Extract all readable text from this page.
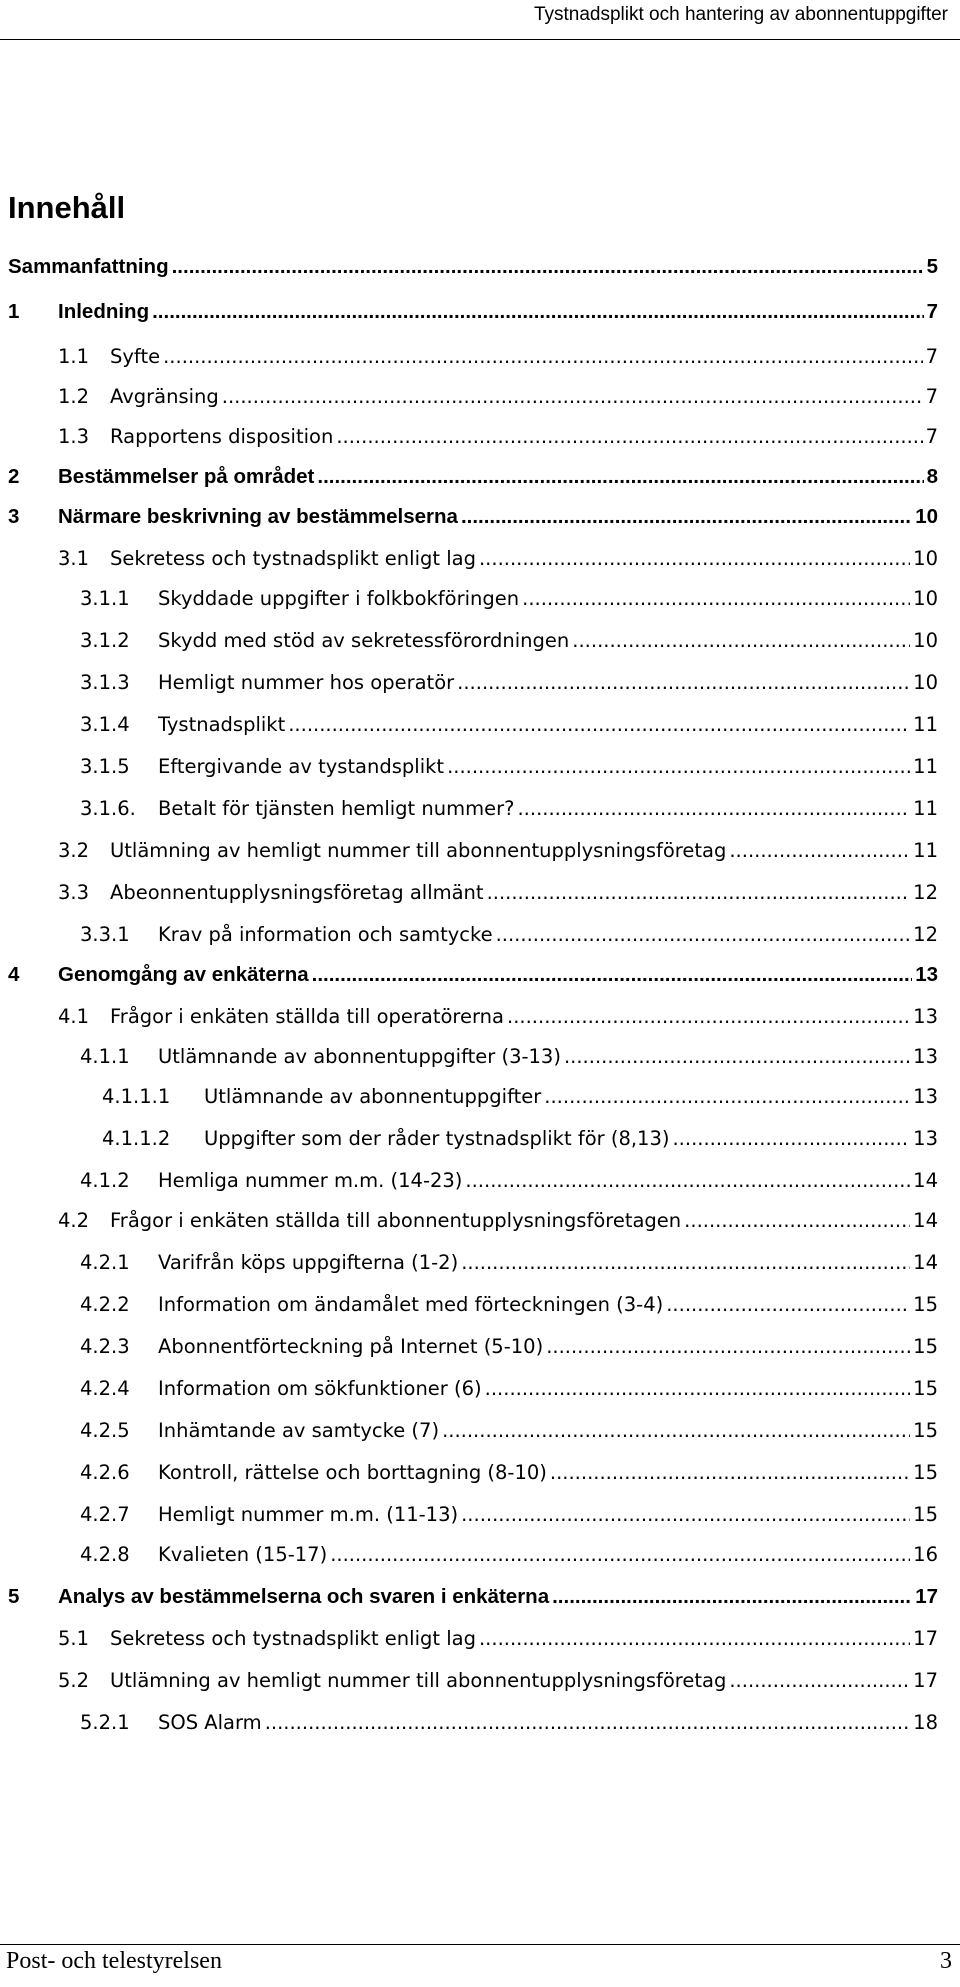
Tystnadsplikt och hantering av abonnentuppgifter
Innehåll
Sammanfattning .....	5
1	Inledning .....	7
1.1	Syfte .....	7
1.2	Avgränsing .....	7
1.3	Rapportens disposition .....	7
2	Bestämmelser på området .....	8
3	Närmare beskrivning av bestämmelserna .....	10
3.1	Sekretess och tystnadsplikt enligt lag .....	10
3.1.1	Skyddade uppgifter i folkbokföringen .....	10
3.1.2	Skydd med stöd av sekretessförordningen .....	10
3.1.3	Hemligt nummer hos operatör .....	10
3.1.4	Tystnadsplikt .....	11
3.1.5	Eftergivande av tystandsplikt .....	11
3.1.6.	Betalt för tjänsten hemligt nummer? .....	11
3.2	Utlämning av hemligt nummer till abonnentupplysningsföretag .....	11
3.3	Abeonnentupplysningsföretag allmänt .....	12
3.3.1	Krav på information och samtycke .....	12
4	Genomgång av enkäterna .....	13
4.1	Frågor i enkäten ställda till operatörerna .....	13
4.1.1	Utlämnande av abonnentuppgifter (3-13) .....	13
4.1.1.1	Utlämnande av abonnentuppgifter .....	13
4.1.1.2	Uppgifter som der råder tystnadsplikt för (8,13) .....	13
4.1.2	Hemliga nummer m.m. (14-23) .....	14
4.2	Frågor i enkäten ställda till abonnentupplysningsföretagen .....	14
4.2.1	Varifrån köps uppgifterna (1-2) .....	14
4.2.2	Information om ändamålet med förteckningen (3-4) .....	15
4.2.3	Abonnentförteckning på Internet (5-10) .....	15
4.2.4	Information om sökfunktioner (6) .....	15
4.2.5	Inhämtande av samtycke (7) .....	15
4.2.6	Kontroll, rättelse och borttagning (8-10) .....	15
4.2.7	Hemligt nummer m.m. (11-13) .....	15
4.2.8	Kvalieten (15-17) .....	16
5	Analys av bestämmelserna och svaren i enkäterna .....	17
5.1	Sekretess och tystnadsplikt enligt lag .....	17
5.2	Utlämning av hemligt nummer till abonnentupplysningsföretag .....	17
5.2.1	SOS Alarm .....	18
Post- och telestyrelsen	3
